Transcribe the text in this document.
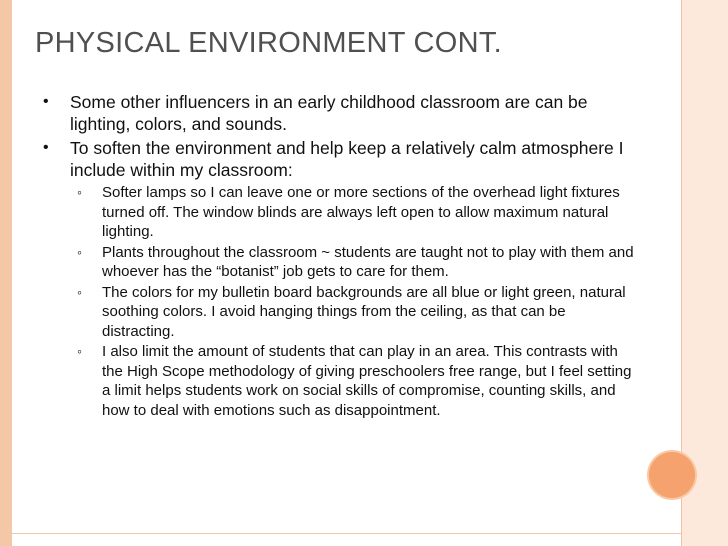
PHYSICAL ENVIRONMENT CONT.
•	Some other influencers in an early childhood classroom are can be lighting, colors, and sounds.
•	To soften the environment and help keep a relatively calm atmosphere I include within my classroom:
◦	Softer lamps so I can leave one or more sections of the overhead light fixtures turned off. The window blinds are always left open to allow maximum natural lighting.
◦	Plants throughout the classroom ~ students are taught not to play with them and whoever has the “botanist” job gets to care for them.
◦	The colors for my bulletin board backgrounds are all blue or light green, natural soothing colors. I avoid hanging things from the ceiling, as that can be distracting.
◦	I also limit the amount of students that can play in an area. This contrasts with the High Scope methodology of giving preschoolers free range, but I feel setting a limit helps students work on social skills of compromise, counting skills, and how to deal with emotions such as disappointment.
